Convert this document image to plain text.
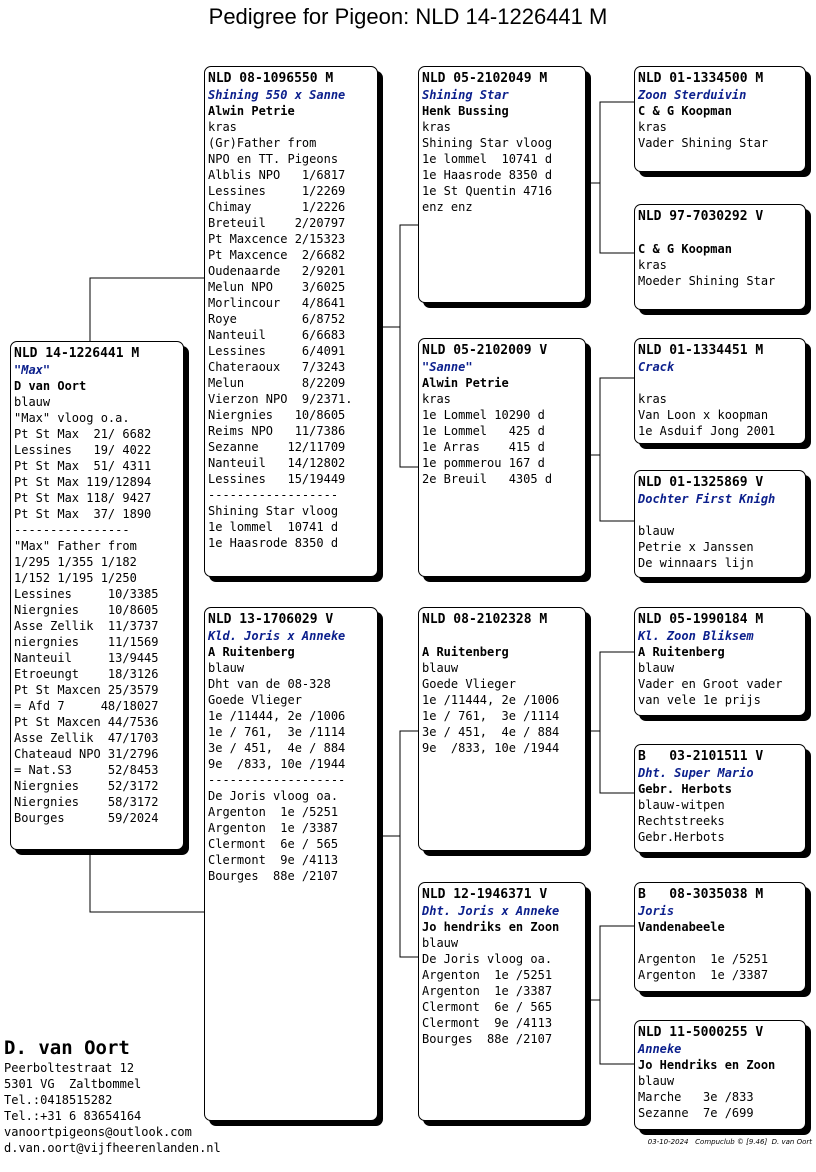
Pedigree for Pigeon: NLD 14-1226441 M
NLD 14-1226441 M
"Max"
D van Oort
blauw
"Max" vloog o.a.
Pt St Max  21/ 6682
Lessines   19/ 4022
Pt St Max  51/ 4311
Pt St Max 119/12894
Pt St Max 118/ 9427
Pt St Max  37/ 1890
----------------
"Max" Father from
1/295 1/355 1/182
1/152 1/195 1/250
Lessines     10/3385
Niergnies    10/8605
Asse Zellik  11/3737
niergnies    11/1569
Nanteuil     13/9445
Etroeungt    18/3126
Pt St Maxcen 25/3579
= Afd 7     48/18027
Pt St Maxcen 44/7536
Asse Zellik  47/1703
Chateaud NPO 31/2796
= Nat.S3     52/8453
Niergnies    52/3172
Niergnies    58/3172
Bourges      59/2024
NLD 08-1096550 M
Shining 550 x Sanne
Alwin Petrie
kras
(Gr)Father from
NPO en TT. Pigeons
Alblis NPO   1/6817
Lessines     1/2269
Chimay       1/2226
Breteuil    2/20797
Pt Maxcence 2/15323
Pt Maxcence  2/6682
Oudenaarde   2/9201
Melun NPO    3/6025
Morlincour   4/8641
Roye         6/8752
Nanteuil     6/6683
Lessines     6/4091
Chateraoux   7/3243
Melun        8/2209
Vierzon NPO  9/2371.
Niergnies   10/8605
Reims NPO   11/7386
Sezanne    12/11709
Nanteuil   14/12802
Lessines   15/19449
------------------
Shining Star vloog
1e lommel  10741 d
1e Haasrode 8350 d
NLD 13-1706029 V
Kld. Joris x Anneke
A Ruitenberg
blauw
Dht van de 08-328
Goede Vlieger
1e /11444, 2e /1006
1e / 761,  3e /1114
3e / 451,  4e / 884
9e  /833, 10e /1944
-------------------
De Joris vloog oa.
Argenton  1e /5251
Argenton  1e /3387
Clermont  6e / 565
Clermont  9e /4113
Bourges  88e /2107
NLD 05-2102049 M
Shining Star
Henk Bussing
kras
Shining Star vloog
1e lommel  10741 d
1e Haasrode 8350 d
1e St Quentin 4716
enz enz
NLD 05-2102009 V
"Sanne"
Alwin Petrie
kras
1e Lommel 10290 d
1e Lommel   425 d
1e Arras    415 d
1e pommerou 167 d
2e Breuil   4305 d
NLD 08-2102328 M
A Ruitenberg
blauw
Goede Vlieger
1e /11444, 2e /1006
1e / 761,  3e /1114
3e / 451,  4e / 884
9e  /833, 10e /1944
NLD 12-1946371 V
Dht. Joris x Anneke
Jo hendriks en Zoon
blauw
De Joris vloog oa.
Argenton  1e /5251
Argenton  1e /3387
Clermont  6e / 565
Clermont  9e /4113
Bourges  88e /2107
NLD 01-1334500 M
Zoon Sterduivin
C & G Koopman
kras
Vader Shining Star
NLD 97-7030292 V
C & G Koopman
kras
Moeder Shining Star
NLD 01-1334451 M
Crack
kras
Van Loon x koopman
1e Asduif Jong 2001
NLD 01-1325869 V
Dochter First Knigh
blauw
Petrie x Janssen
De winnaars lijn
NLD 05-1990184 M
Kl. Zoon Bliksem
A Ruitenberg
blauw
Vader en Groot vader
van vele 1e prijs
B   03-2101511 V
Dht. Super Mario
Gebr. Herbots
blauw-witpen
Rechtstreeks
Gebr.Herbots
B   08-3035038 M
Joris
Vandenabeele
Argenton  1e /5251
Argenton  1e /3387
NLD 11-5000255 V
Anneke
Jo Hendriks en Zoon
blauw
Marche   3e /833
Sezanne  7e /699
D. van Oort
Peerboltestraat 12
5301 VG  Zaltbommel
Tel.:0418515282
Tel.:+31 6 83654164
vanoortpigeons@outlook.com
d.van.oort@vijfheerenlanden.nl	03-10-2024   Compuclub © [9.46]  D. van Oort
